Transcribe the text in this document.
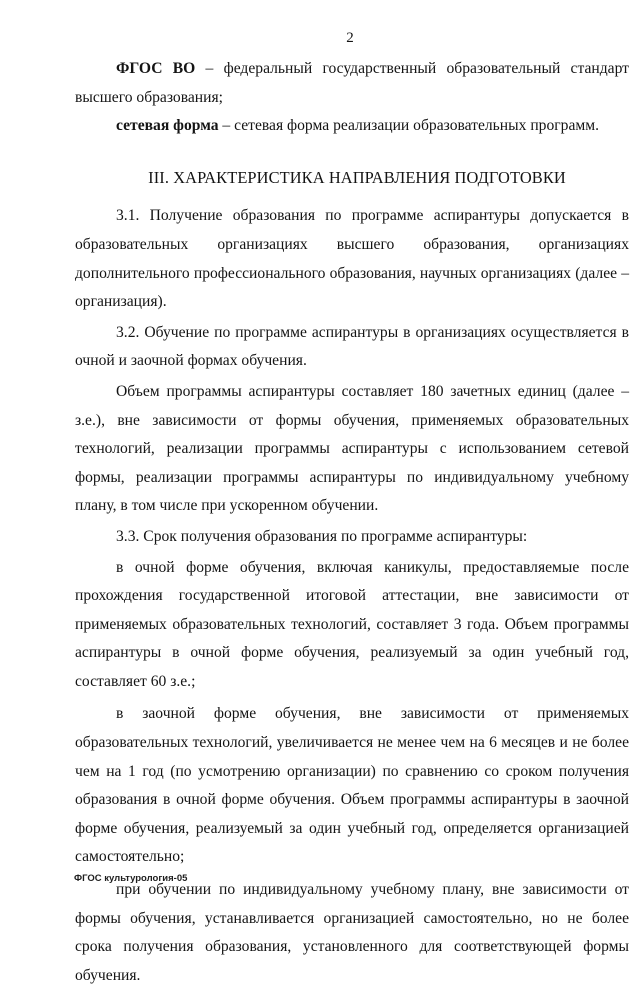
2

ФГОС ВО – федеральный государственный образовательный стандарт высшего образования;

сетевая форма – сетевая форма реализации образовательных программ.

III. ХАРАКТЕРИСТИКА НАПРАВЛЕНИЯ ПОДГОТОВКИ

3.1. Получение образования по программе аспирантуры допускается в образовательных организациях высшего образования, организациях дополнительного профессионального образования, научных организациях (далее – организация).

3.2. Обучение по программе аспирантуры в организациях осуществляется в очной и заочной формах обучения.

Объем программы аспирантуры составляет 180 зачетных единиц (далее – з.е.), вне зависимости от формы обучения, применяемых образовательных технологий, реализации программы аспирантуры с использованием сетевой формы, реализации программы аспирантуры по индивидуальному учебному плану, в том числе при ускоренном обучении.

3.3. Срок получения образования по программе аспирантуры:

в очной форме обучения, включая каникулы, предоставляемые после прохождения государственной итоговой аттестации, вне зависимости от применяемых образовательных технологий, составляет 3 года. Объем программы аспирантуры в очной форме обучения, реализуемый за один учебный год, составляет 60 з.е.;

в заочной форме обучения, вне зависимости от применяемых образовательных технологий, увеличивается не менее чем на 6 месяцев и не более чем на 1 год (по усмотрению организации) по сравнению со сроком получения образования в очной форме обучения. Объем программы аспирантуры в заочной форме обучения, реализуемый за один учебный год, определяется организацией самостоятельно;

при обучении по индивидуальному учебному плану, вне зависимости от формы обучения, устанавливается организацией самостоятельно, но не более срока получения образования, установленного для соответствующей формы обучения.

ФГОС культурология-05
